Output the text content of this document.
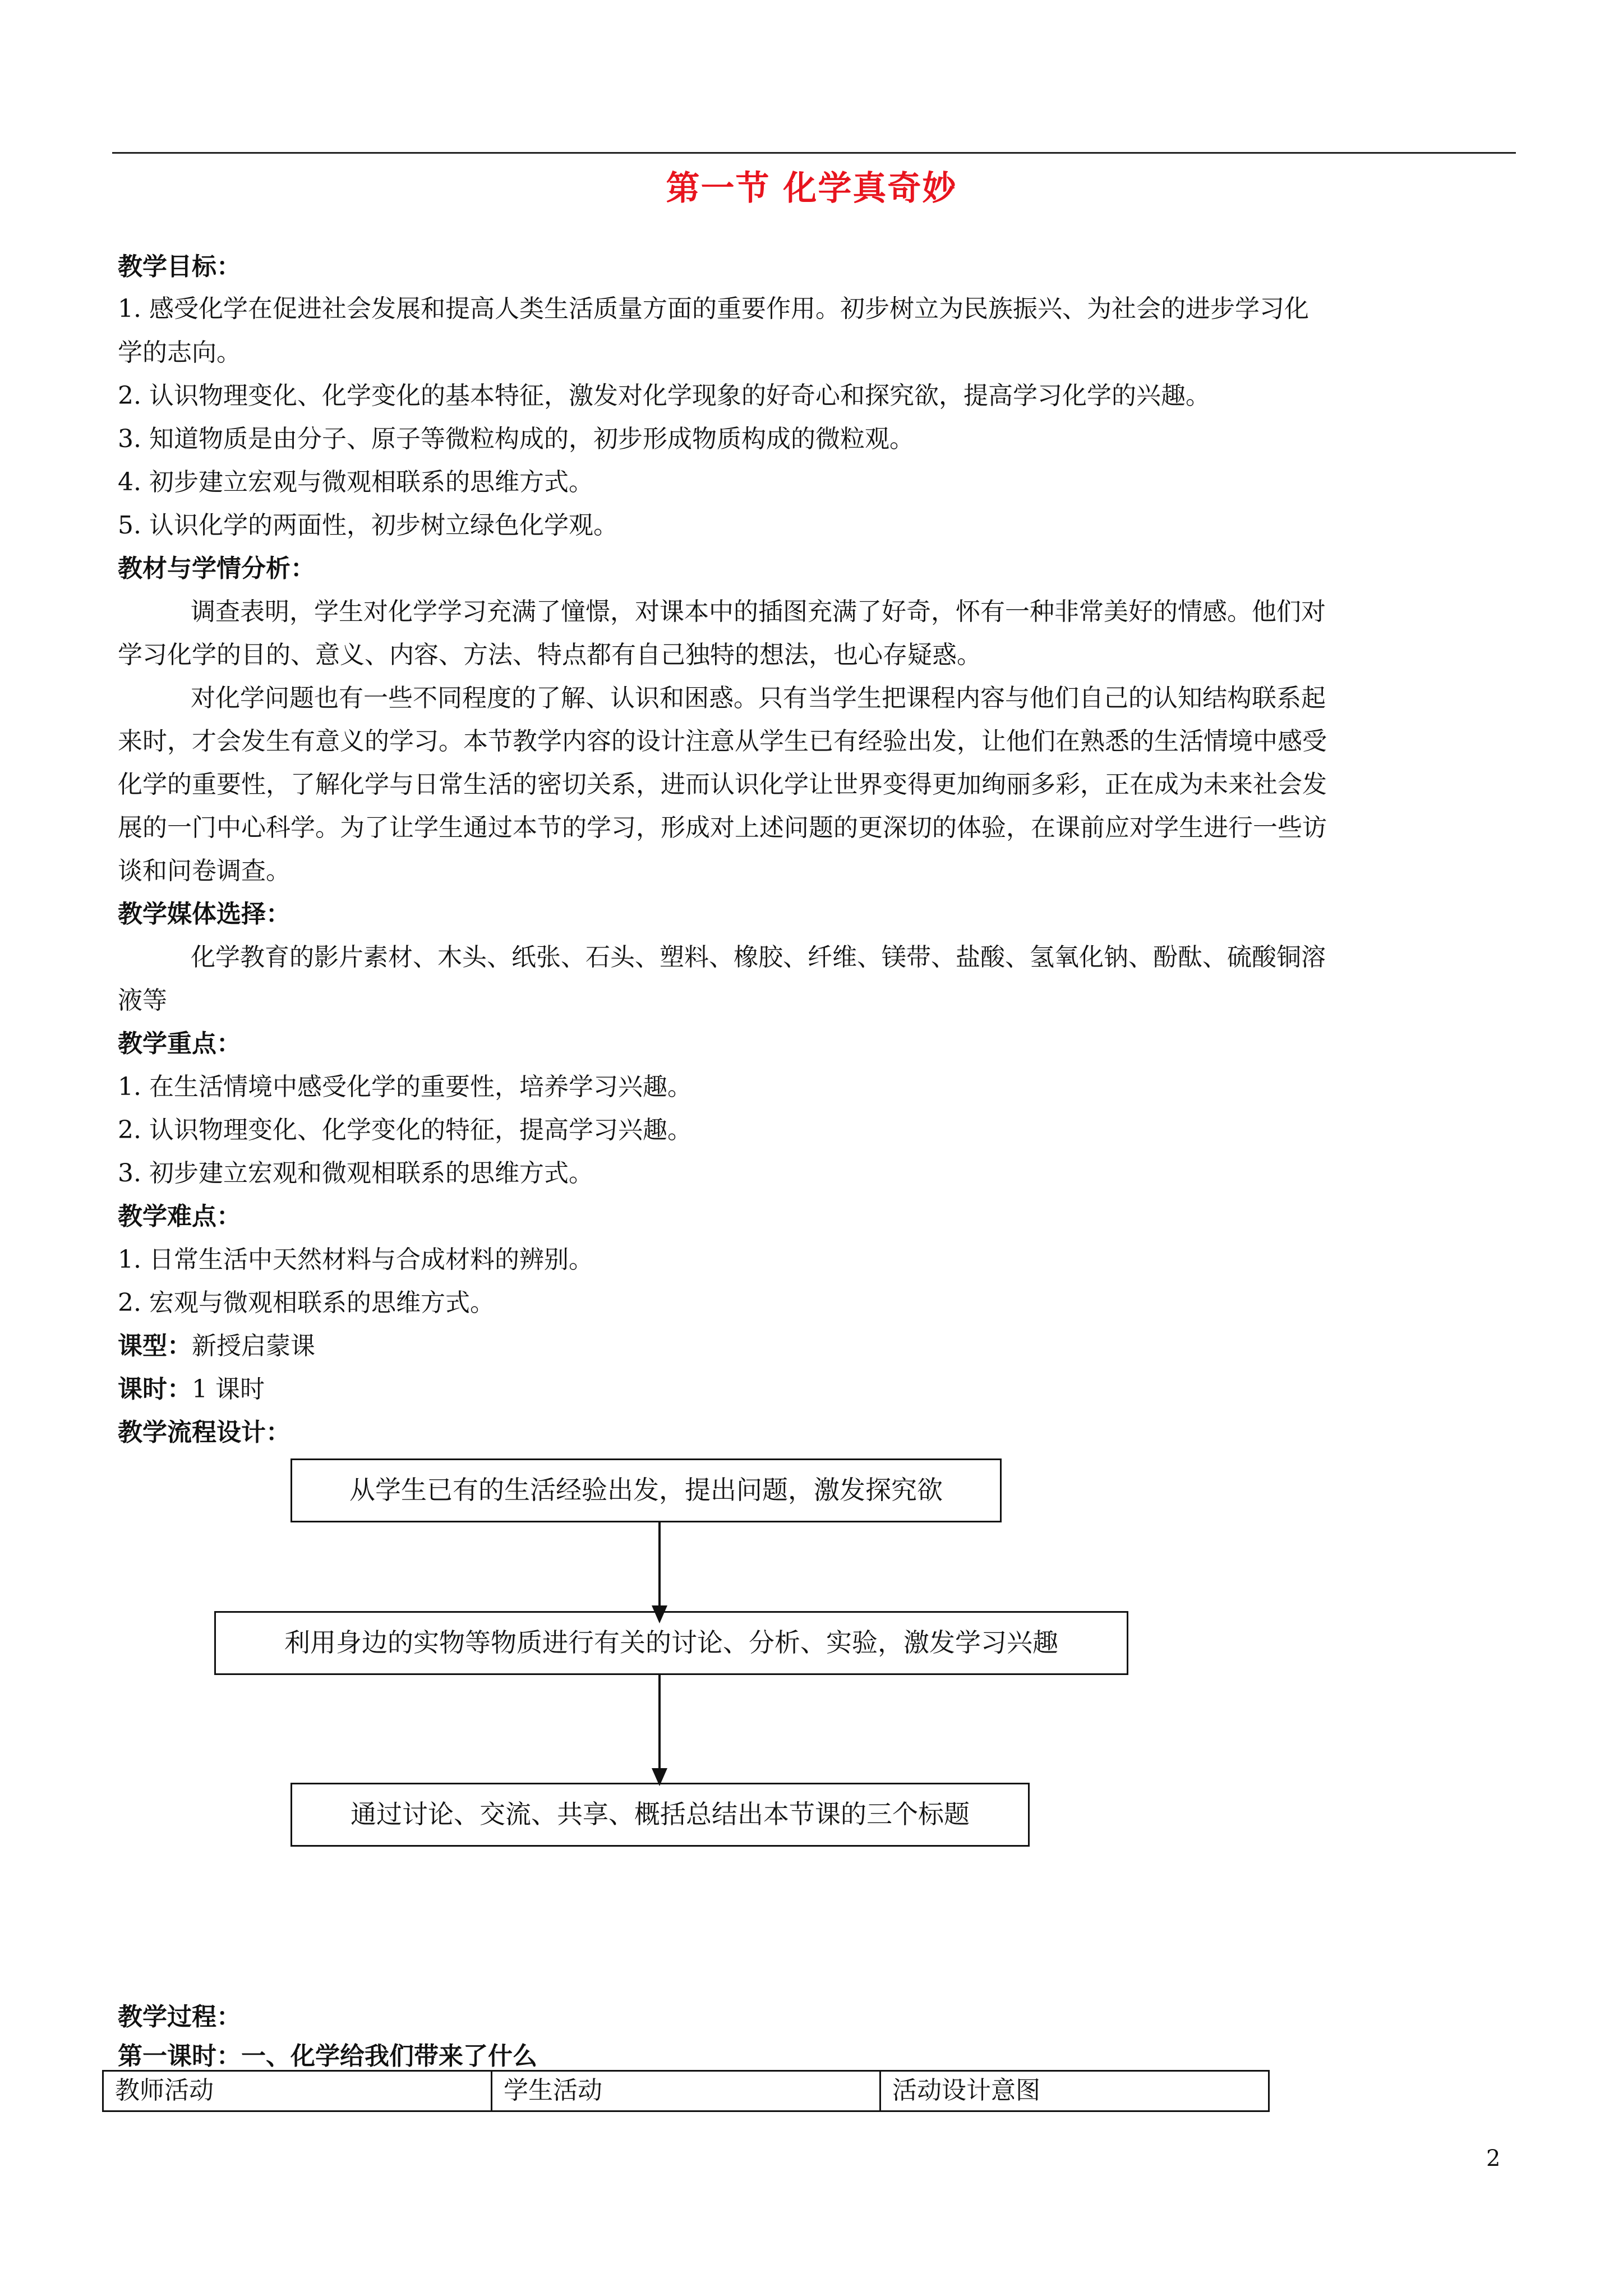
第一节 化学真奇妙
教学目标：
1. 感受化学在促进社会发展和提高人类生活质量方面的重要作用。初步树立为民族振兴、为社会的进步学习化
学的志向。
2. 认识物理变化、化学变化的基本特征，激发对化学现象的好奇心和探究欲，提高学习化学的兴趣。
3. 知道物质是由分子、原子等微粒构成的，初步形成物质构成的微粒观。
4. 初步建立宏观与微观相联系的思维方式。
5. 认识化学的两面性，初步树立绿色化学观。
教材与学情分析：
调查表明，学生对化学学习充满了憧憬，对课本中的插图充满了好奇，怀有一种非常美好的情感。他们对
学习化学的目的、意义、内容、方法、特点都有自己独特的想法，也心存疑惑。
对化学问题也有一些不同程度的了解、认识和困惑。只有当学生把课程内容与他们自己的认知结构联系起
来时，才会发生有意义的学习。本节教学内容的设计注意从学生已有经验出发，让他们在熟悉的生活情境中感受
化学的重要性，了解化学与日常生活的密切关系，进而认识化学让世界变得更加绚丽多彩，正在成为未来社会发
展的一门中心科学。为了让学生通过本节的学习，形成对上述问题的更深切的体验，在课前应对学生进行一些访
谈和问卷调查。
教学媒体选择：
化学教育的影片素材、木头、纸张、石头、塑料、橡胶、纤维、镁带、盐酸、氢氧化钠、酚酞、硫酸铜溶
液等
教学重点：
1. 在生活情境中感受化学的重要性，培养学习兴趣。
2. 认识物理变化、化学变化的特征，提高学习兴趣。
3. 初步建立宏观和微观相联系的思维方式。
教学难点：
1. 日常生活中天然材料与合成材料的辨别。
2. 宏观与微观相联系的思维方式。
课型：新授启蒙课
课时：1 课时
教学流程设计：
从学生已有的生活经验出发，提出问题，激发探究欲
利用身边的实物等物质进行有关的讨论、分析、实验，激发学习兴趣
通过讨论、交流、共享、概括总结出本节课的三个标题
教学过程：
第一课时：一、化学给我们带来了什么
教师活动	学生活动	活动设计意图
2
